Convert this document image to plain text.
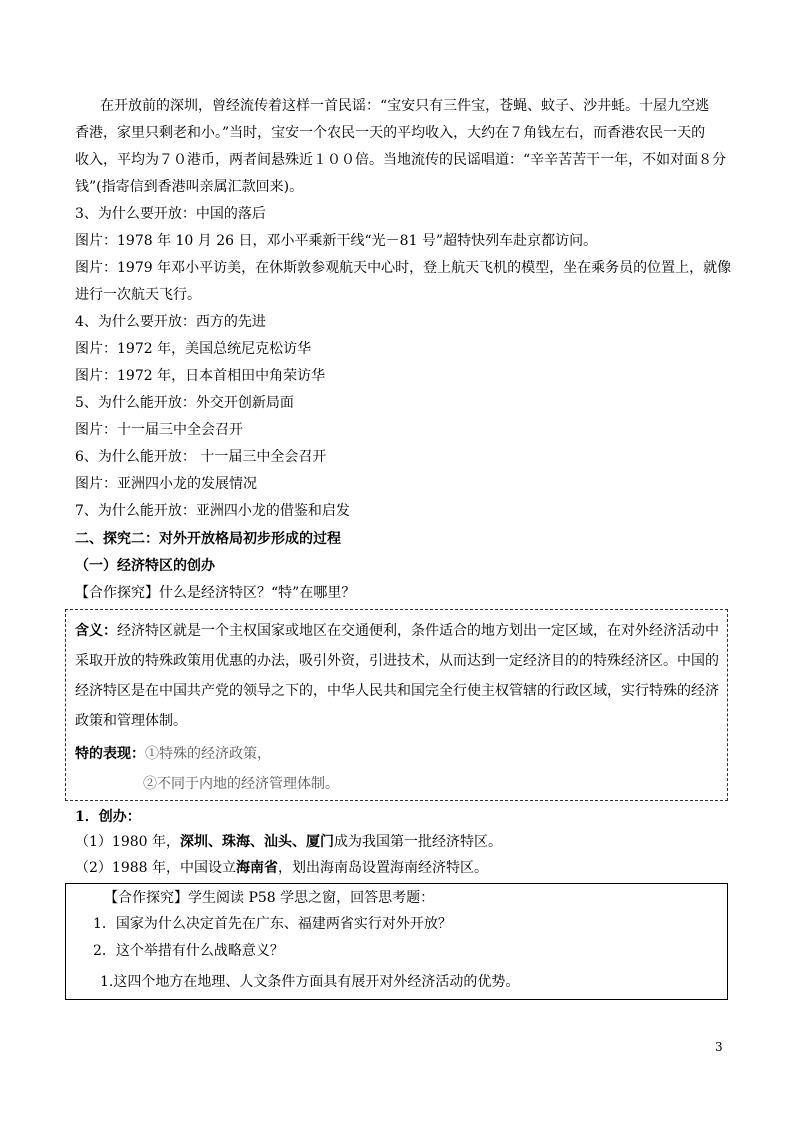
在开放前的深圳，曾经流传着这样一首民谣：“宝安只有三件宝，苍蝇、蚊子、沙井蚝。十屋九空逃
香港，家里只剩老和小。”当时，宝安一个农民一天的平均收入，大约在７角钱左右，而香港农民一天的
收入，平均为７０港币，两者间悬殊近１００倍。当地流传的民谣唱道：“辛辛苦苦干一年，不如对面８分
钱”(指寄信到香港叫亲属汇款回来)。
3、为什么要开放：中国的落后
图片：1978 年 10 月 26 日，邓小平乘新干线“光－81 号”超特快列车赴京都访问。
图片：1979 年邓小平访美，在休斯敦参观航天中心时，登上航天飞机的模型，坐在乘务员的位置上，就像
进行一次航天飞行。
4、为什么要开放：西方的先进
图片：1972 年，美国总统尼克松访华
图片：1972 年，日本首相田中角荣访华
5、为什么能开放：外交开创新局面
图片：十一届三中全会召开
6、为什么能开放： 十一届三中全会召开
图片：亚洲四小龙的发展情况
7、为什么能开放：亚洲四小龙的借鉴和启发
二、探究二：对外开放格局初步形成的过程
（一）经济特区的创办
【合作探究】什么是经济特区？“特”在哪里？
含义：经济特区就是一个主权国家或地区在交通便利，条件适合的地方划出一定区域，在对外经济活动中
采取开放的特殊政策用优惠的办法，吸引外资，引进技术，从而达到一定经济目的的特殊经济区。中国的
经济特区是在中国共产党的领导之下的，中华人民共和国完全行使主权管辖的行政区域，实行特殊的经济
政策和管理体制。
特的表现：①特殊的经济政策，
②不同于内地的经济管理体制。
1．创办：
（1）1980 年，深圳、珠海、汕头、厦门成为我国第一批经济特区。
（2）1988 年，中国设立海南省，划出海南岛设置海南经济特区。
【合作探究】学生阅读 P58 学思之窗，回答思考题：
1．国家为什么决定首先在广东、福建两省实行对外开放？
2．这个举措有什么战略意义？
1.这四个地方在地理、人文条件方面具有展开对外经济活动的优势。
3
